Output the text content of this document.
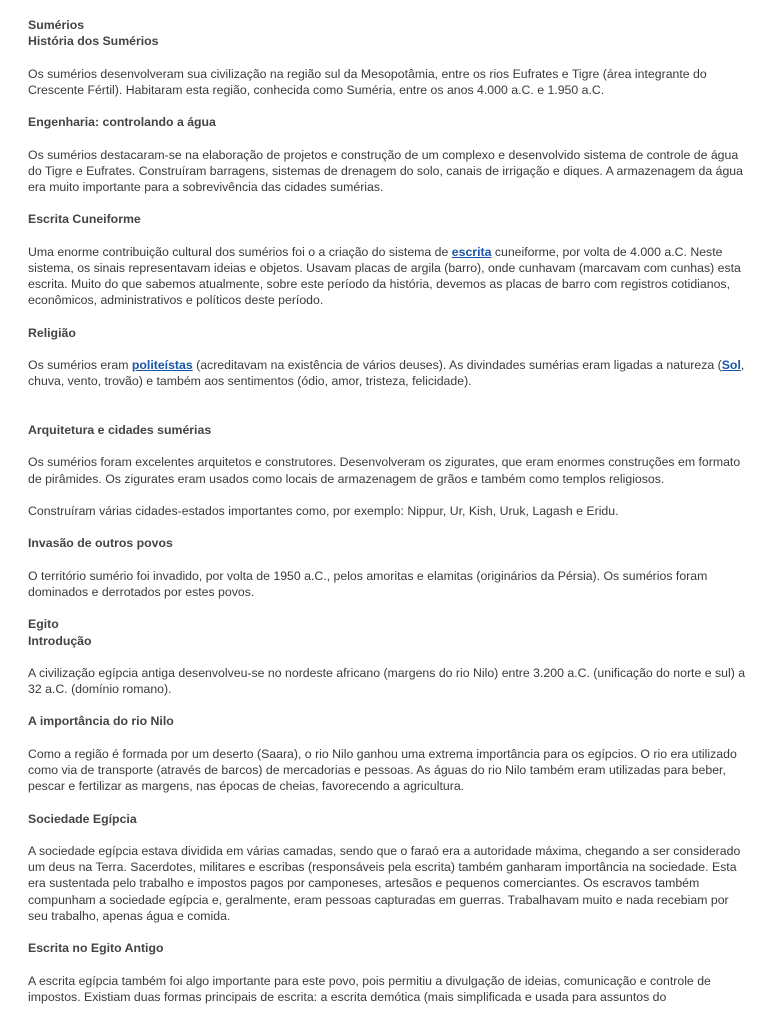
Sumérios
História dos Sumérios

Os sumérios desenvolveram sua civilização na região sul da Mesopotâmia, entre os rios Eufrates e Tigre (área integrante do Crescente Fértil). Habitaram esta região, conhecida como Suméria, entre os anos 4.000 a.C. e 1.950 a.C.

Engenharia: controlando a água

Os sumérios destacaram-se na elaboração de projetos e construção de um complexo e desenvolvido sistema de controle de água do Tigre e Eufrates. Construíram barragens, sistemas de drenagem do solo, canais de irrigação e diques. A armazenagem da água era muito importante para a sobrevivência das cidades sumérias.

Escrita Cuneiforme

Uma enorme contribuição cultural dos sumérios foi o a criação do sistema de escrita cuneiforme, por volta de 4.000 a.C. Neste sistema, os sinais representavam ideias e objetos. Usavam placas de argila (barro), onde cunhavam (marcavam com cunhas) esta escrita. Muito do que sabemos atualmente, sobre este período da história, devemos as placas de barro com registros cotidianos, econômicos, administrativos e políticos deste período.

Religião

Os sumérios eram politeístas (acreditavam na existência de vários deuses). As divindades sumérias eram ligadas a natureza (Sol, chuva, vento, trovão) e também aos sentimentos (ódio, amor, tristeza, felicidade).

Arquitetura e cidades sumérias

Os sumérios foram excelentes arquitetos e construtores. Desenvolveram os zigurates, que eram enormes construções em formato de pirâmides. Os zigurates eram usados como locais de armazenagem de grãos e também como templos religiosos.

Construíram várias cidades-estados importantes como, por exemplo: Nippur, Ur, Kish, Uruk, Lagash e Eridu.

Invasão de outros povos

O território sumério foi invadido, por volta de 1950 a.C., pelos amoritas e elamitas (originários da Pérsia). Os sumérios foram dominados e derrotados por estes povos.

Egito
Introdução

A civilização egípcia antiga desenvolveu-se no nordeste africano (margens do rio Nilo) entre 3.200 a.C. (unificação do norte e sul) a 32 a.C. (domínio romano).

A importância do rio Nilo

Como a região é formada por um deserto (Saara), o rio Nilo ganhou uma extrema importância para os egípcios. O rio era utilizado como via de transporte (através de barcos) de mercadorias e pessoas. As águas do rio Nilo também eram utilizadas para beber, pescar e fertilizar as margens, nas épocas de cheias, favorecendo a agricultura.

Sociedade Egípcia

A sociedade egípcia estava dividida em várias camadas, sendo que o faraó era a autoridade máxima, chegando a ser considerado um deus na Terra. Sacerdotes, militares e escribas (responsáveis pela escrita) também ganharam importância na sociedade. Esta era sustentada pelo trabalho e impostos pagos por camponeses, artesãos e pequenos comerciantes. Os escravos também compunham a sociedade egípcia e, geralmente, eram pessoas capturadas em guerras. Trabalhavam muito e nada recebiam por seu trabalho, apenas água e comida.

Escrita no Egito Antigo

A escrita egípcia também foi algo importante para este povo, pois permitiu a divulgação de ideias, comunicação e controle de impostos. Existiam duas formas principais de escrita: a escrita demótica (mais simplificada e usada para assuntos do
